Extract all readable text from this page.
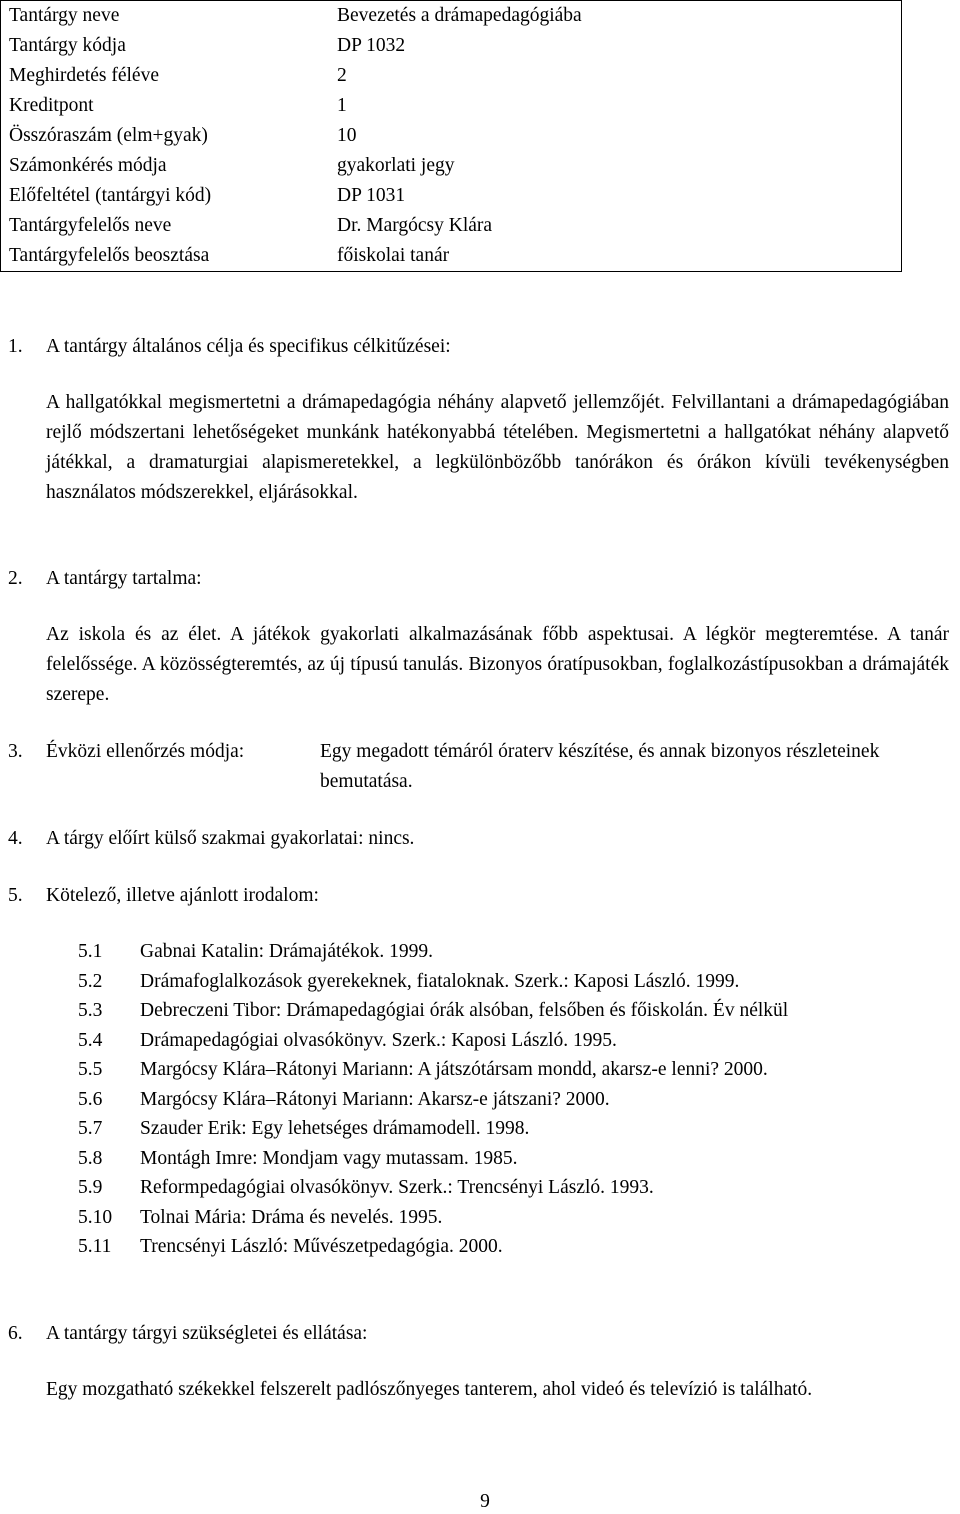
Tantárgy neve	Bevezetés a drámapedagógiába
Tantárgy kódja	DP 1032
Meghirdetés féléve	2
Kreditpont	1
Összóraszám (elm+gyak)	10
Számonkérés módja	gyakorlati jegy
Előfeltétel (tantárgyi kód)	DP 1031
Tantárgyfelelős neve	Dr. Margócsy Klára
Tantárgyfelelős beosztása	főiskolai tanár

1. A tantárgy általános célja és specifikus célkitűzései:

A hallgatókkal megismertetni a drámapedagógia néhány alapvető jellemzőjét. Felvillantani a drámapedagógiában rejlő módszertani lehetőségeket munkánk hatékonyabbá tételében. Megismertetni a hallgatókat néhány alapvető játékkal, a dramaturgiai alapismeretekkel, a legkülönbözőbb tanórákon és órákon kívüli tevékenységben használatos módszerekkel, eljárásokkal.

2. A tantárgy tartalma:

Az iskola és az élet. A játékok gyakorlati alkalmazásának főbb aspektusai. A légkör megteremtése. A tanár felelőssége. A közösségteremtés, az új típusú tanulás. Bizonyos óratípusokban, foglalkozástípusokban a drámajáték szerepe.

3. Évközi ellenőrzés módja:	Egy megadott témáról óraterv készítése, és annak bizonyos részleteinek bemutatása.

4. A tárgy előírt külső szakmai gyakorlatai: nincs.

5. Kötelező, illetve ajánlott irodalom:

5.1	Gabnai Katalin: Drámajátékok. 1999.
5.2	Drámafoglalkozások gyerekeknek, fiataloknak. Szerk.: Kaposi László. 1999.
5.3	Debreczeni Tibor: Drámapedagógiai órák alsóban, felsőben és főiskolán. Év nélkül
5.4	Drámapedagógiai olvasókönyv. Szerk.: Kaposi László. 1995.
5.5	Margócsy Klára–Rátonyi Mariann: A játszótársam mondd, akarsz-e lenni? 2000.
5.6	Margócsy Klára–Rátonyi Mariann: Akarsz-e játszani? 2000.
5.7	Szauder Erik: Egy lehetséges drámamodell. 1998.
5.8	Montágh Imre: Mondjam vagy mutassam. 1985.
5.9	Reformpedagógiai olvasókönyv. Szerk.: Trencsényi László. 1993.
5.10	Tolnai Mária: Dráma és nevelés. 1995.
5.11	Trencsényi László: Művészetpedagógia. 2000.

6. A tantárgy tárgyi szükségletei és ellátása:

Egy mozgatható székekkel felszerelt padlószőnyeges tanterem, ahol videó és televízió is található.

9
